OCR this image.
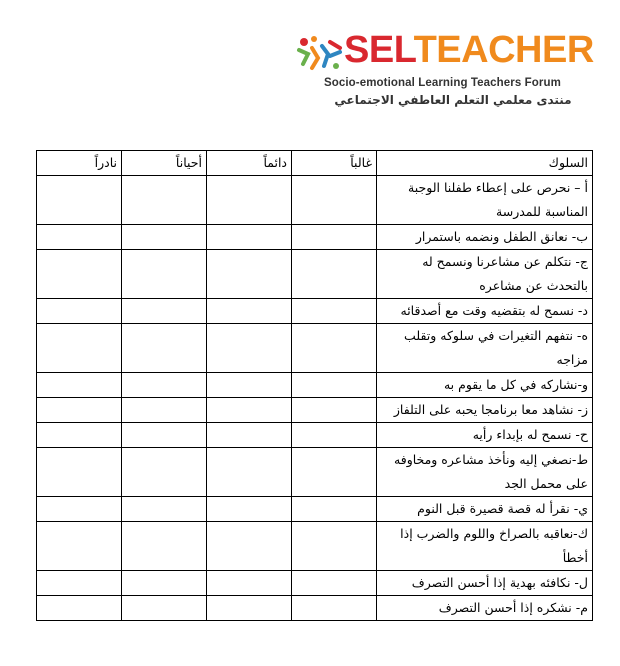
SELTEACHER
Socio-emotional Learning Teachers Forum
منتدى معلمي التعلم العاطفي الاجتماعي
السلوك	غالباً	دائماً	أحياناً	نادراً
أ – نحرص على إعطاء طفلنا الوجبة المناسبة للمدرسة				
ب- نعانق الطفل ونضمه باستمرار				
ج- نتكلم عن مشاعرنا ونسمح له بالتحدث عن مشاعره				
د- نسمح له بتقضيه وقت مع أصدقائه				
ه- نتفهم التغيرات في سلوكه وتقلب مزاجه				
و-نشاركه في كل ما يقوم به				
ز- نشاهد معا برنامجا يحبه على التلفاز				
ح- نسمح له بإبداء رأيه				
ط-نصغي إليه ونأخذ مشاعره ومخاوفه على محمل الجد				
ي- نقرأ له قصة قصيرة قبل النوم				
ك-نعاقبه بالصراخ واللوم والضرب إذا أخطأ				
ل- نكافئه بهدية إذا أحسن التصرف				
م- نشكره إذا أحسن التصرف				
